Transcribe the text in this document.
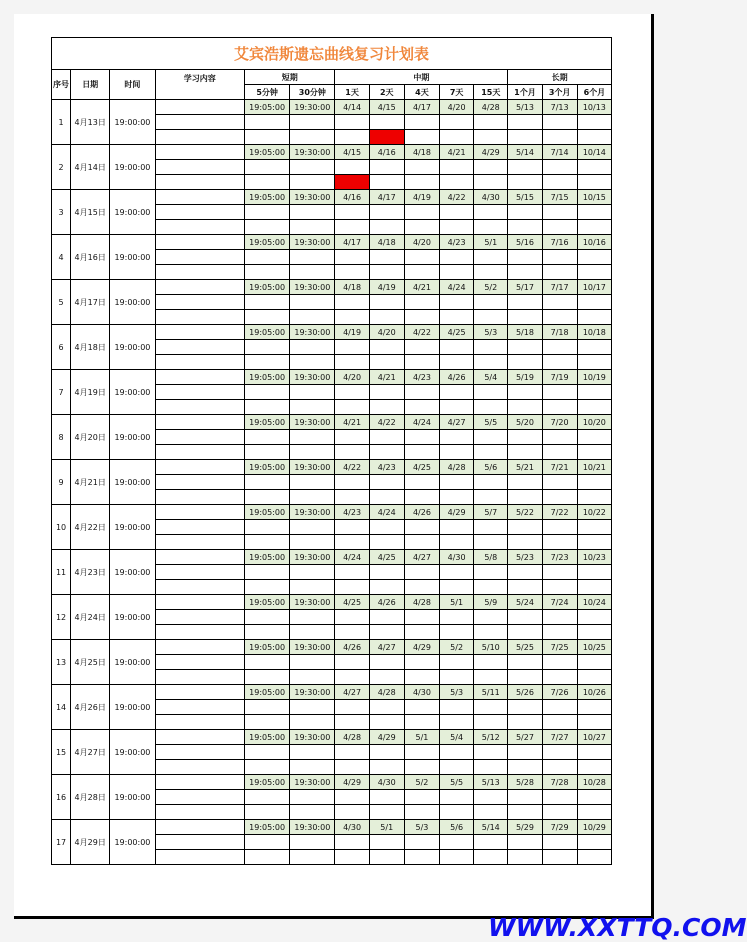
艾宾浩斯遗忘曲线复习计划表													
序号	日期	时间	学习内容	短期		中期					长期		
				5分钟	30分钟	1天	2天	4天	7天	15天	1个月	3个月	6个月
1	4月13日	19:00:00		19:05:00	19:30:00	4/14	4/15	4/17	4/20	4/28	5/13	7/13	10/13

2	4月14日	19:00:00		19:05:00	19:30:00	4/15	4/16	4/18	4/21	4/29	5/14	7/14	10/14

3	4月15日	19:00:00		19:05:00	19:30:00	4/16	4/17	4/19	4/22	4/30	5/15	7/15	10/15

4	4月16日	19:00:00		19:05:00	19:30:00	4/17	4/18	4/20	4/23	5/1	5/16	7/16	10/16

5	4月17日	19:00:00		19:05:00	19:30:00	4/18	4/19	4/21	4/24	5/2	5/17	7/17	10/17

6	4月18日	19:00:00		19:05:00	19:30:00	4/19	4/20	4/22	4/25	5/3	5/18	7/18	10/18

7	4月19日	19:00:00		19:05:00	19:30:00	4/20	4/21	4/23	4/26	5/4	5/19	7/19	10/19

8	4月20日	19:00:00		19:05:00	19:30:00	4/21	4/22	4/24	4/27	5/5	5/20	7/20	10/20

9	4月21日	19:00:00		19:05:00	19:30:00	4/22	4/23	4/25	4/28	5/6	5/21	7/21	10/21

10	4月22日	19:00:00		19:05:00	19:30:00	4/23	4/24	4/26	4/29	5/7	5/22	7/22	10/22

11	4月23日	19:00:00		19:05:00	19:30:00	4/24	4/25	4/27	4/30	5/8	5/23	7/23	10/23

12	4月24日	19:00:00		19:05:00	19:30:00	4/25	4/26	4/28	5/1	5/9	5/24	7/24	10/24

13	4月25日	19:00:00		19:05:00	19:30:00	4/26	4/27	4/29	5/2	5/10	5/25	7/25	10/25

14	4月26日	19:00:00		19:05:00	19:30:00	4/27	4/28	4/30	5/3	5/11	5/26	7/26	10/26

15	4月27日	19:00:00		19:05:00	19:30:00	4/28	4/29	5/1	5/4	5/12	5/27	7/27	10/27

16	4月28日	19:00:00		19:05:00	19:30:00	4/29	4/30	5/2	5/5	5/13	5/28	7/28	10/28

17	4月29日	19:00:00		19:05:00	19:30:00	4/30	5/1	5/3	5/6	5/14	5/29	7/29	10/29

WWW.XXTTQ.COM
